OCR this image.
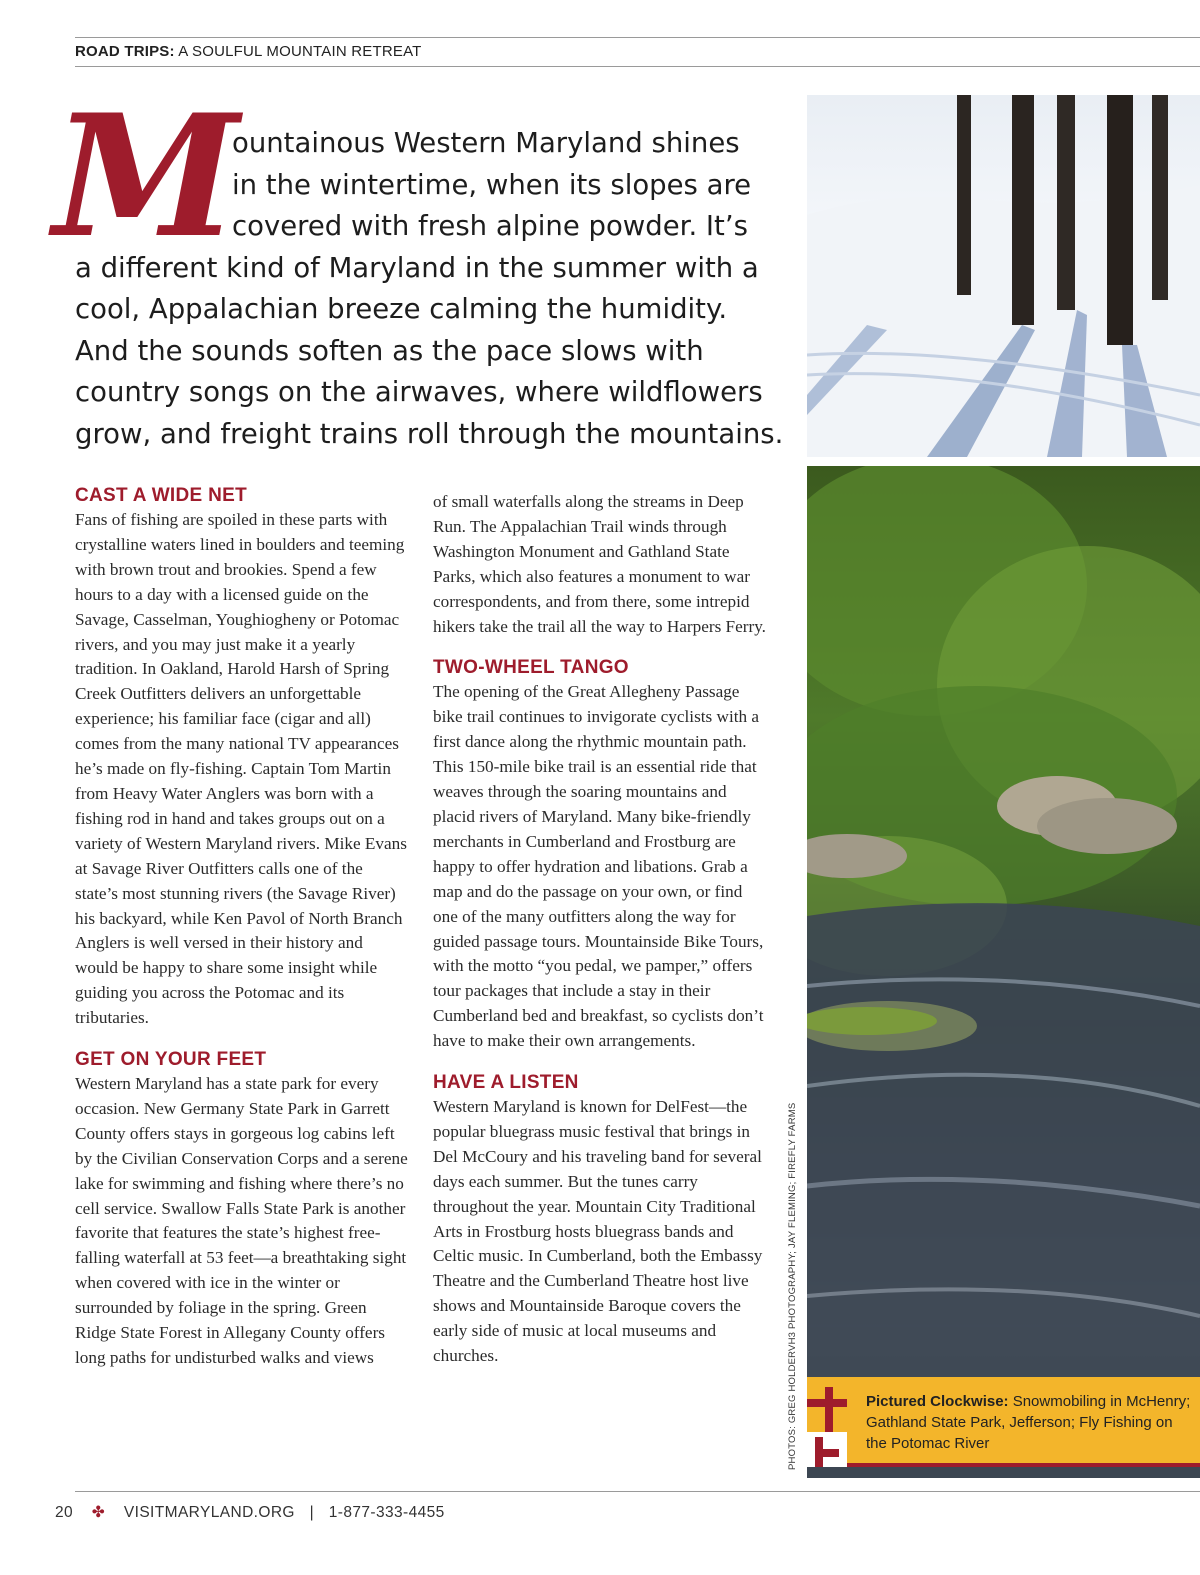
ROAD TRIPS: A SOULFUL MOUNTAIN RETREAT
M ountainous Western Maryland shines
in the wintertime, when its slopes are
covered with fresh alpine powder. It’s
a different kind of Maryland in the summer with a
cool, Appalachian breeze calming the humidity.
And the sounds soften as the pace slows with
country songs on the airwaves, where wildflowers
grow, and freight trains roll through the mountains.
CAST A WIDE NET

Fans of fishing are spoiled in these parts with crystalline waters lined in boulders and teeming with brown trout and brookies. Spend a few hours to a day with a licensed guide on the Savage, Casselman, Youghiogheny or Potomac rivers, and you may just make it a yearly tradition. In Oakland, Harold Harsh of Spring Creek Outfitters delivers an unforgettable experience; his familiar face (cigar and all) comes from the many national TV appearances he’s made on fly-fishing. Captain Tom Martin from Heavy Water Anglers was born with a fishing rod in hand and takes groups out on a variety of Western Maryland rivers. Mike Evans at Savage River Outfitters calls one of the state’s most stunning rivers (the Savage River) his backyard, while Ken Pavol of North Branch Anglers is well versed in their history and would be happy to share some insight while guiding you across the Potomac and its tributaries.

GET ON YOUR FEET

Western Maryland has a state park for every occasion. New Germany State Park in Garrett County offers stays in gorgeous log cabins left by the Civilian Conservation Corps and a serene lake for swimming and fishing where there’s no cell service. Swallow Falls State Park is another favorite that features the state’s highest free-falling waterfall at 53 feet—a breathtaking sight when covered with ice in the winter or surrounded by foliage in the spring. Green Ridge State Forest in Allegany County offers long paths for undisturbed walks and views

of small waterfalls along the streams in Deep Run. The Appalachian Trail winds through Washington Monument and Gathland State Parks, which also features a monument to war correspondents, and from there, some intrepid hikers take the trail all the way to Harpers Ferry.

TWO-WHEEL TANGO

The opening of the Great Allegheny Passage bike trail continues to invigorate cyclists with a first dance along the rhythmic mountain path. This 150-mile bike trail is an essential ride that weaves through the soaring mountains and placid rivers of Maryland. Many bike-friendly merchants in Cumberland and Frostburg are happy to offer hydration and libations. Grab a map and do the passage on your own, or find one of the many outfitters along the way for guided passage tours. Mountainside Bike Tours, with the motto “you pedal, we pamper,” offers tour packages that include a stay in their Cumberland bed and breakfast, so cyclists don’t have to make their own arrangements.

HAVE A LISTEN

Western Maryland is known for DelFest—the popular bluegrass music festival that brings in Del McCoury and his traveling band for several days each summer. But the tunes carry throughout the year. Mountain City Traditional Arts in Frostburg hosts bluegrass bands and Celtic music. In Cumberland, both the Embassy Theatre and the Cumberland Theatre host live shows and Mountainside Baroque covers the early side of music at local museums and churches.	PHOTOS: GREG HOLDERVH3 PHOTOGRAPHY; JAY FLEMING; FIREFLY FARMS	Pictured Clockwise: Snowmobiling in McHenry; Gathland State Park, Jefferson; Fly Fishing on the Potomac River
20 ✤ VISITMARYLAND.ORG | 1-877-333-4455
